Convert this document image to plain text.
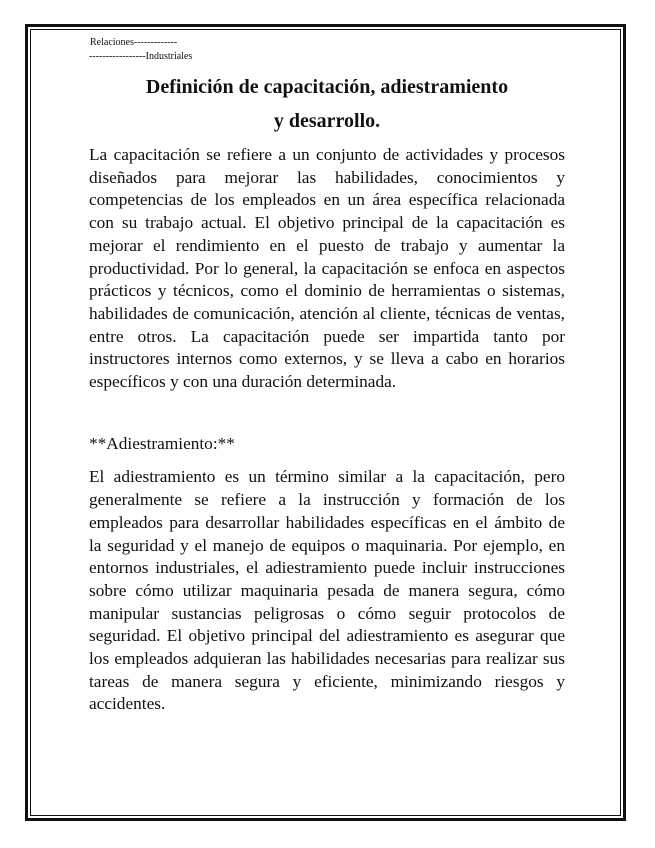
Relaciones-------------
-----------------Industriales
Definición de capacitación, adiestramiento
y desarrollo.

La capacitación se refiere a un conjunto de actividades y procesos diseñados para mejorar las habilidades, conocimientos y competencias de los empleados en un área específica relacionada con su trabajo actual. El objetivo principal de la capacitación es mejorar el rendimiento en el puesto de trabajo y aumentar la productividad. Por lo general, la capacitación se enfoca en aspectos prácticos y técnicos, como el dominio de herramientas o sistemas, habilidades de comunicación, atención al cliente, técnicas de ventas, entre otros. La capacitación puede ser impartida tanto por instructores internos como externos, y se lleva a cabo en horarios específicos y con una duración determinada.

**Adiestramiento:**

El adiestramiento es un término similar a la capacitación, pero generalmente se refiere a la instrucción y formación de los empleados para desarrollar habilidades específicas en el ámbito de la seguridad y el manejo de equipos o maquinaria. Por ejemplo, en entornos industriales, el adiestramiento puede incluir instrucciones sobre cómo utilizar maquinaria pesada de manera segura, cómo manipular sustancias peligrosas o cómo seguir protocolos de seguridad. El objetivo principal del adiestramiento es asegurar que los empleados adquieran las habilidades necesarias para realizar sus tareas de manera segura y eficiente, minimizando riesgos y accidentes.
